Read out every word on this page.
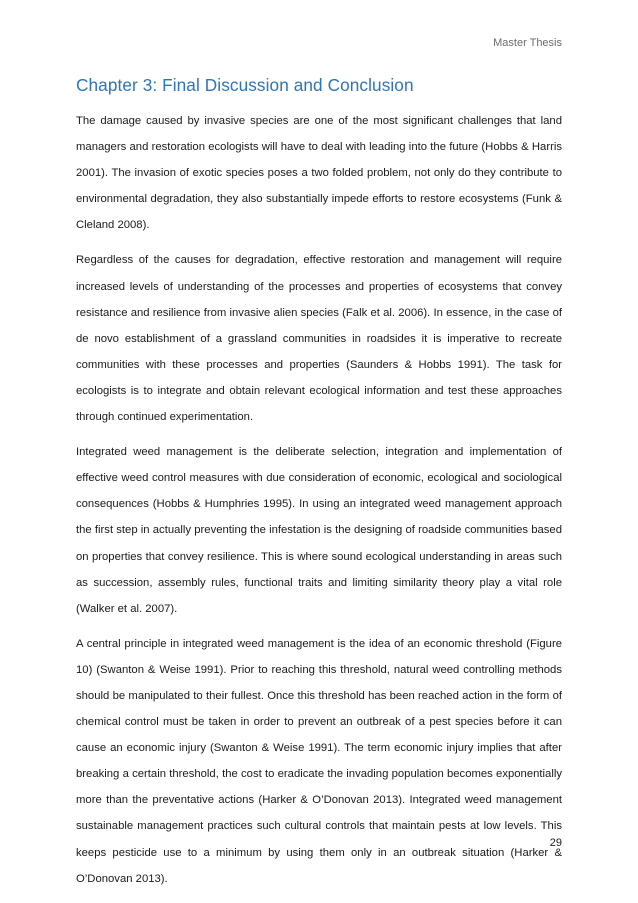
Master Thesis
Chapter 3: Final Discussion and Conclusion

The damage caused by invasive species are one of the most significant challenges that land managers and restoration ecologists will have to deal with leading into the future (Hobbs & Harris 2001). The invasion of exotic species poses a two folded problem, not only do they contribute to environmental degradation, they also substantially impede efforts to restore ecosystems (Funk & Cleland 2008).

Regardless of the causes for degradation, effective restoration and management will require increased levels of understanding of the processes and properties of ecosystems that convey resistance and resilience from invasive alien species (Falk et al. 2006). In essence, in the case of de novo establishment of a grassland communities in roadsides it is imperative to recreate communities with these processes and properties (Saunders & Hobbs 1991). The task for ecologists is to integrate and obtain relevant ecological information and test these approaches through continued experimentation.

Integrated weed management is the deliberate selection, integration and implementation of effective weed control measures with due consideration of economic, ecological and sociological consequences (Hobbs & Humphries 1995). In using an integrated weed management approach the first step in actually preventing the infestation is the designing of roadside communities based on properties that convey resilience. This is where sound ecological understanding in areas such as succession, assembly rules, functional traits and limiting similarity theory play a vital role (Walker et al. 2007).

A central principle in integrated weed management is the idea of an economic threshold (Figure 10) (Swanton & Weise 1991). Prior to reaching this threshold, natural weed controlling methods should be manipulated to their fullest. Once this threshold has been reached action in the form of chemical control must be taken in order to prevent an outbreak of a pest species before it can cause an economic injury (Swanton & Weise 1991). The term economic injury implies that after breaking a certain threshold, the cost to eradicate the invading population becomes exponentially more than the preventative actions (Harker & O’Donovan 2013). Integrated weed management sustainable management practices such cultural controls that maintain pests at low levels. This keeps pesticide use to a minimum by using them only in an outbreak situation (Harker & O’Donovan 2013).

29
